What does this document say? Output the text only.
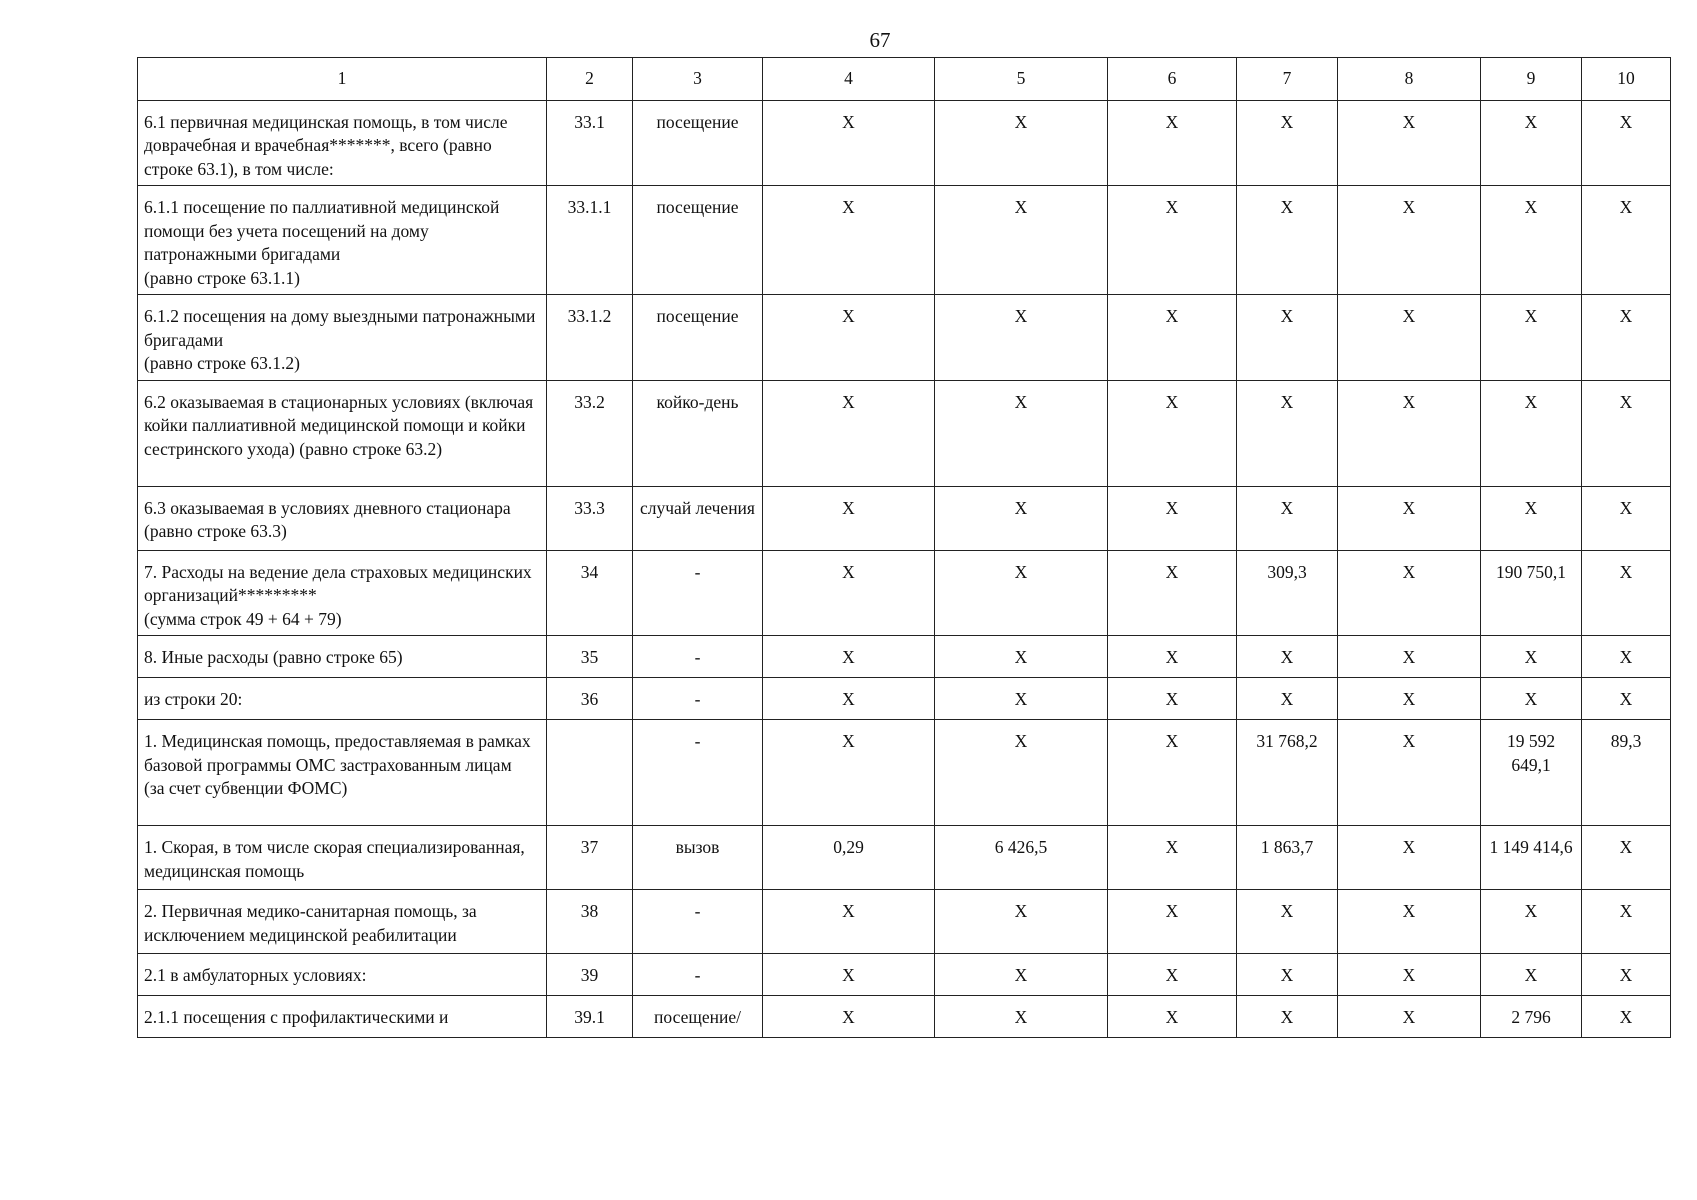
67
1	2	3	4	5	6	7	8	9	10
6.1 первичная медицинская помощь, в том числе доврачебная и врачебная*******, всего (равно строке 63.1), в том числе:	33.1	посещение	X	X	X	X	X	X	X
6.1.1 посещение по паллиативной медицинской помощи без учета посещений на дому патронажными бригадами
(равно строке 63.1.1)	33.1.1	посещение	X	X	X	X	X	X	X
6.1.2 посещения на дому выездными патронажными бригадами
(равно строке 63.1.2)	33.1.2	посещение	X	X	X	X	X	X	X
6.2 оказываемая в стационарных условиях (включая койки паллиативной медицинской помощи и койки сестринского ухода) (равно строке 63.2)	33.2	койко-день	X	X	X	X	X	X	X
6.3 оказываемая в условиях дневного стационара (равно строке 63.3)	33.3	случай лечения	X	X	X	X	X	X	X
7. Расходы на ведение дела страховых медицинских организаций*********
(сумма строк 49 + 64 + 79)	34	-	X	X	X	309,3	X	190 750,1	X
8. Иные расходы (равно строке 65)	35	-	X	X	X	X	X	X	X
из строки 20:	36	-	X	X	X	X	X	X	X
1. Медицинская помощь, предоставляемая в рамках базовой программы ОМС застрахованным лицам
(за счет субвенции ФОМС)		-	X	X	X	31 768,2	X	19 592 649,1	89,3
1. Скорая, в том числе скорая специализированная, медицинская помощь	37	вызов	0,29	6 426,5	X	1 863,7	X	1 149 414,6	X
2. Первичная медико-санитарная помощь, за исключением медицинской реабилитации	38	-	X	X	X	X	X	X	X
2.1 в амбулаторных условиях:	39	-	X	X	X	X	X	X	X
2.1.1 посещения с профилактическими и	39.1	посещение/	X	X	X	X	X	2 796	X
